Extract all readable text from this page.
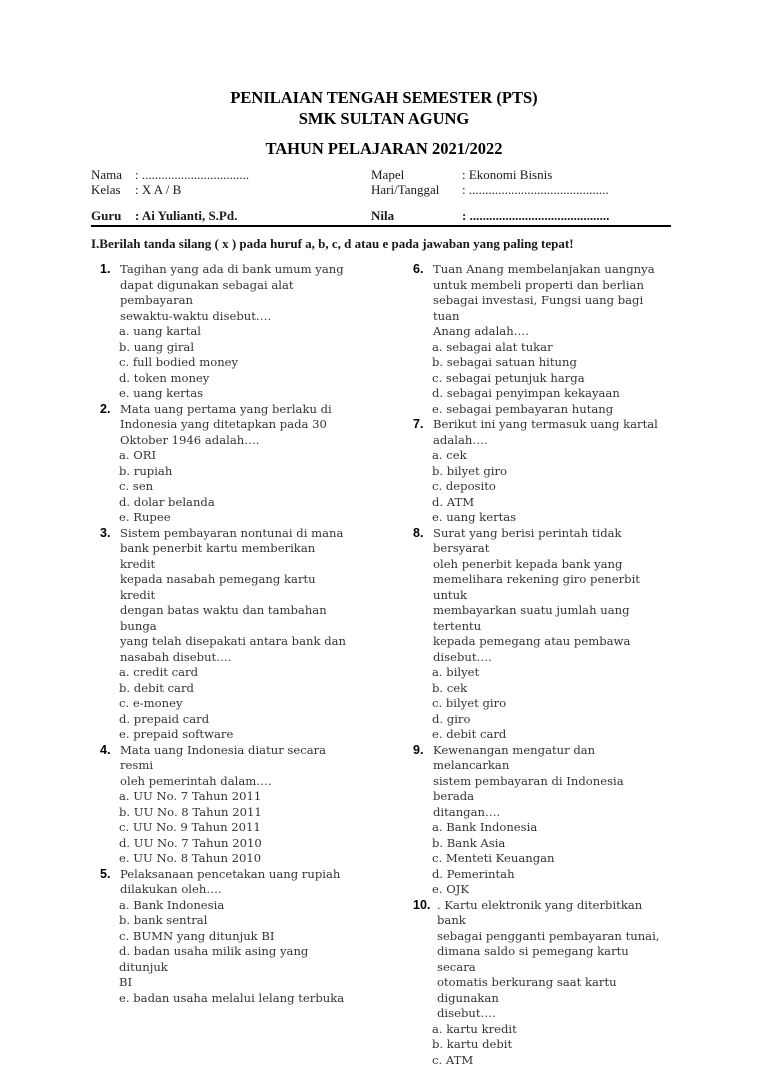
PENILAIAN TENGAH SEMESTER (PTS)
SMK SULTAN AGUNG
TAHUN PELAJARAN 2021/2022
Nama : .................................
Kelas : X A / B
Mapel	: Ekonomi Bisnis
Hari/Tanggal : ...........................................
Guru : Ai Yulianti, S.Pd.	Nila	: ...........................................
I.Berilah tanda silang ( x ) pada huruf a, b, c, d atau e pada jawaban yang paling tepat!
1. Tagihan yang ada di bank umum yang
dapat digunakan sebagai alat pembayaran
sewaktu-waktu disebut….
a. uang kartal
b. uang giral
c. full bodied money
d. token money
e. uang kertas
2. Mata uang pertama yang berlaku di
Indonesia yang ditetapkan pada 30
Oktober 1946 adalah….
a. ORI
b. rupiah
c. sen
d. dolar belanda
e. Rupee
3. Sistem pembayaran nontunai di mana
bank penerbit kartu memberikan kredit
kepada nasabah pemegang kartu kredit
dengan batas waktu dan tambahan bunga
yang telah disepakati antara bank dan
nasabah disebut….
a. credit card
b. debit card
c. e-money
d. prepaid card
e. prepaid software
4. Mata uang Indonesia diatur secara resmi
oleh pemerintah dalam….
a. UU No. 7 Tahun 2011
b. UU No. 8 Tahun 2011
c. UU No. 9 Tahun 2011
d. UU No. 7 Tahun 2010
e. UU No. 8 Tahun 2010
5. Pelaksanaan pencetakan uang rupiah
dilakukan oleh….
a. Bank Indonesia
b. bank sentral
c. BUMN yang ditunjuk BI
d. badan usaha milik asing yang ditunjuk
BI
e. badan usaha melalui lelang terbuka
6. Tuan Anang membelanjakan uangnya
untuk membeli properti dan berlian
sebagai investasi, Fungsi uang bagi tuan
Anang adalah….
a. sebagai alat tukar
b. sebagai satuan hitung
c. sebagai petunjuk harga
d. sebagai penyimpan kekayaan
e. sebagai pembayaran hutang
7. Berikut ini yang termasuk uang kartal
adalah….
a. cek
b. bilyet giro
c. deposito
d. ATM
e. uang kertas
8. Surat yang berisi perintah tidak bersyarat
oleh penerbit kepada bank yang
memelihara rekening giro penerbit untuk
membayarkan suatu jumlah uang tertentu
kepada pemegang atau pembawa
disebut….
a. bilyet
b. cek
c. bilyet giro
d. giro
e. debit card
9. Kewenangan mengatur dan melancarkan
sistem pembayaran di Indonesia berada
ditangan….
a. Bank Indonesia
b. Bank Asia
c. Menteti Keuangan
d. Pemerintah
e. OJK
10. . Kartu elektronik yang diterbitkan bank
sebagai pengganti pembayaran tunai,
dimana saldo si pemegang kartu secara
otomatis berkurang saat kartu digunakan
disebut….
a. kartu kredit
b. kartu debit
c. ATM
